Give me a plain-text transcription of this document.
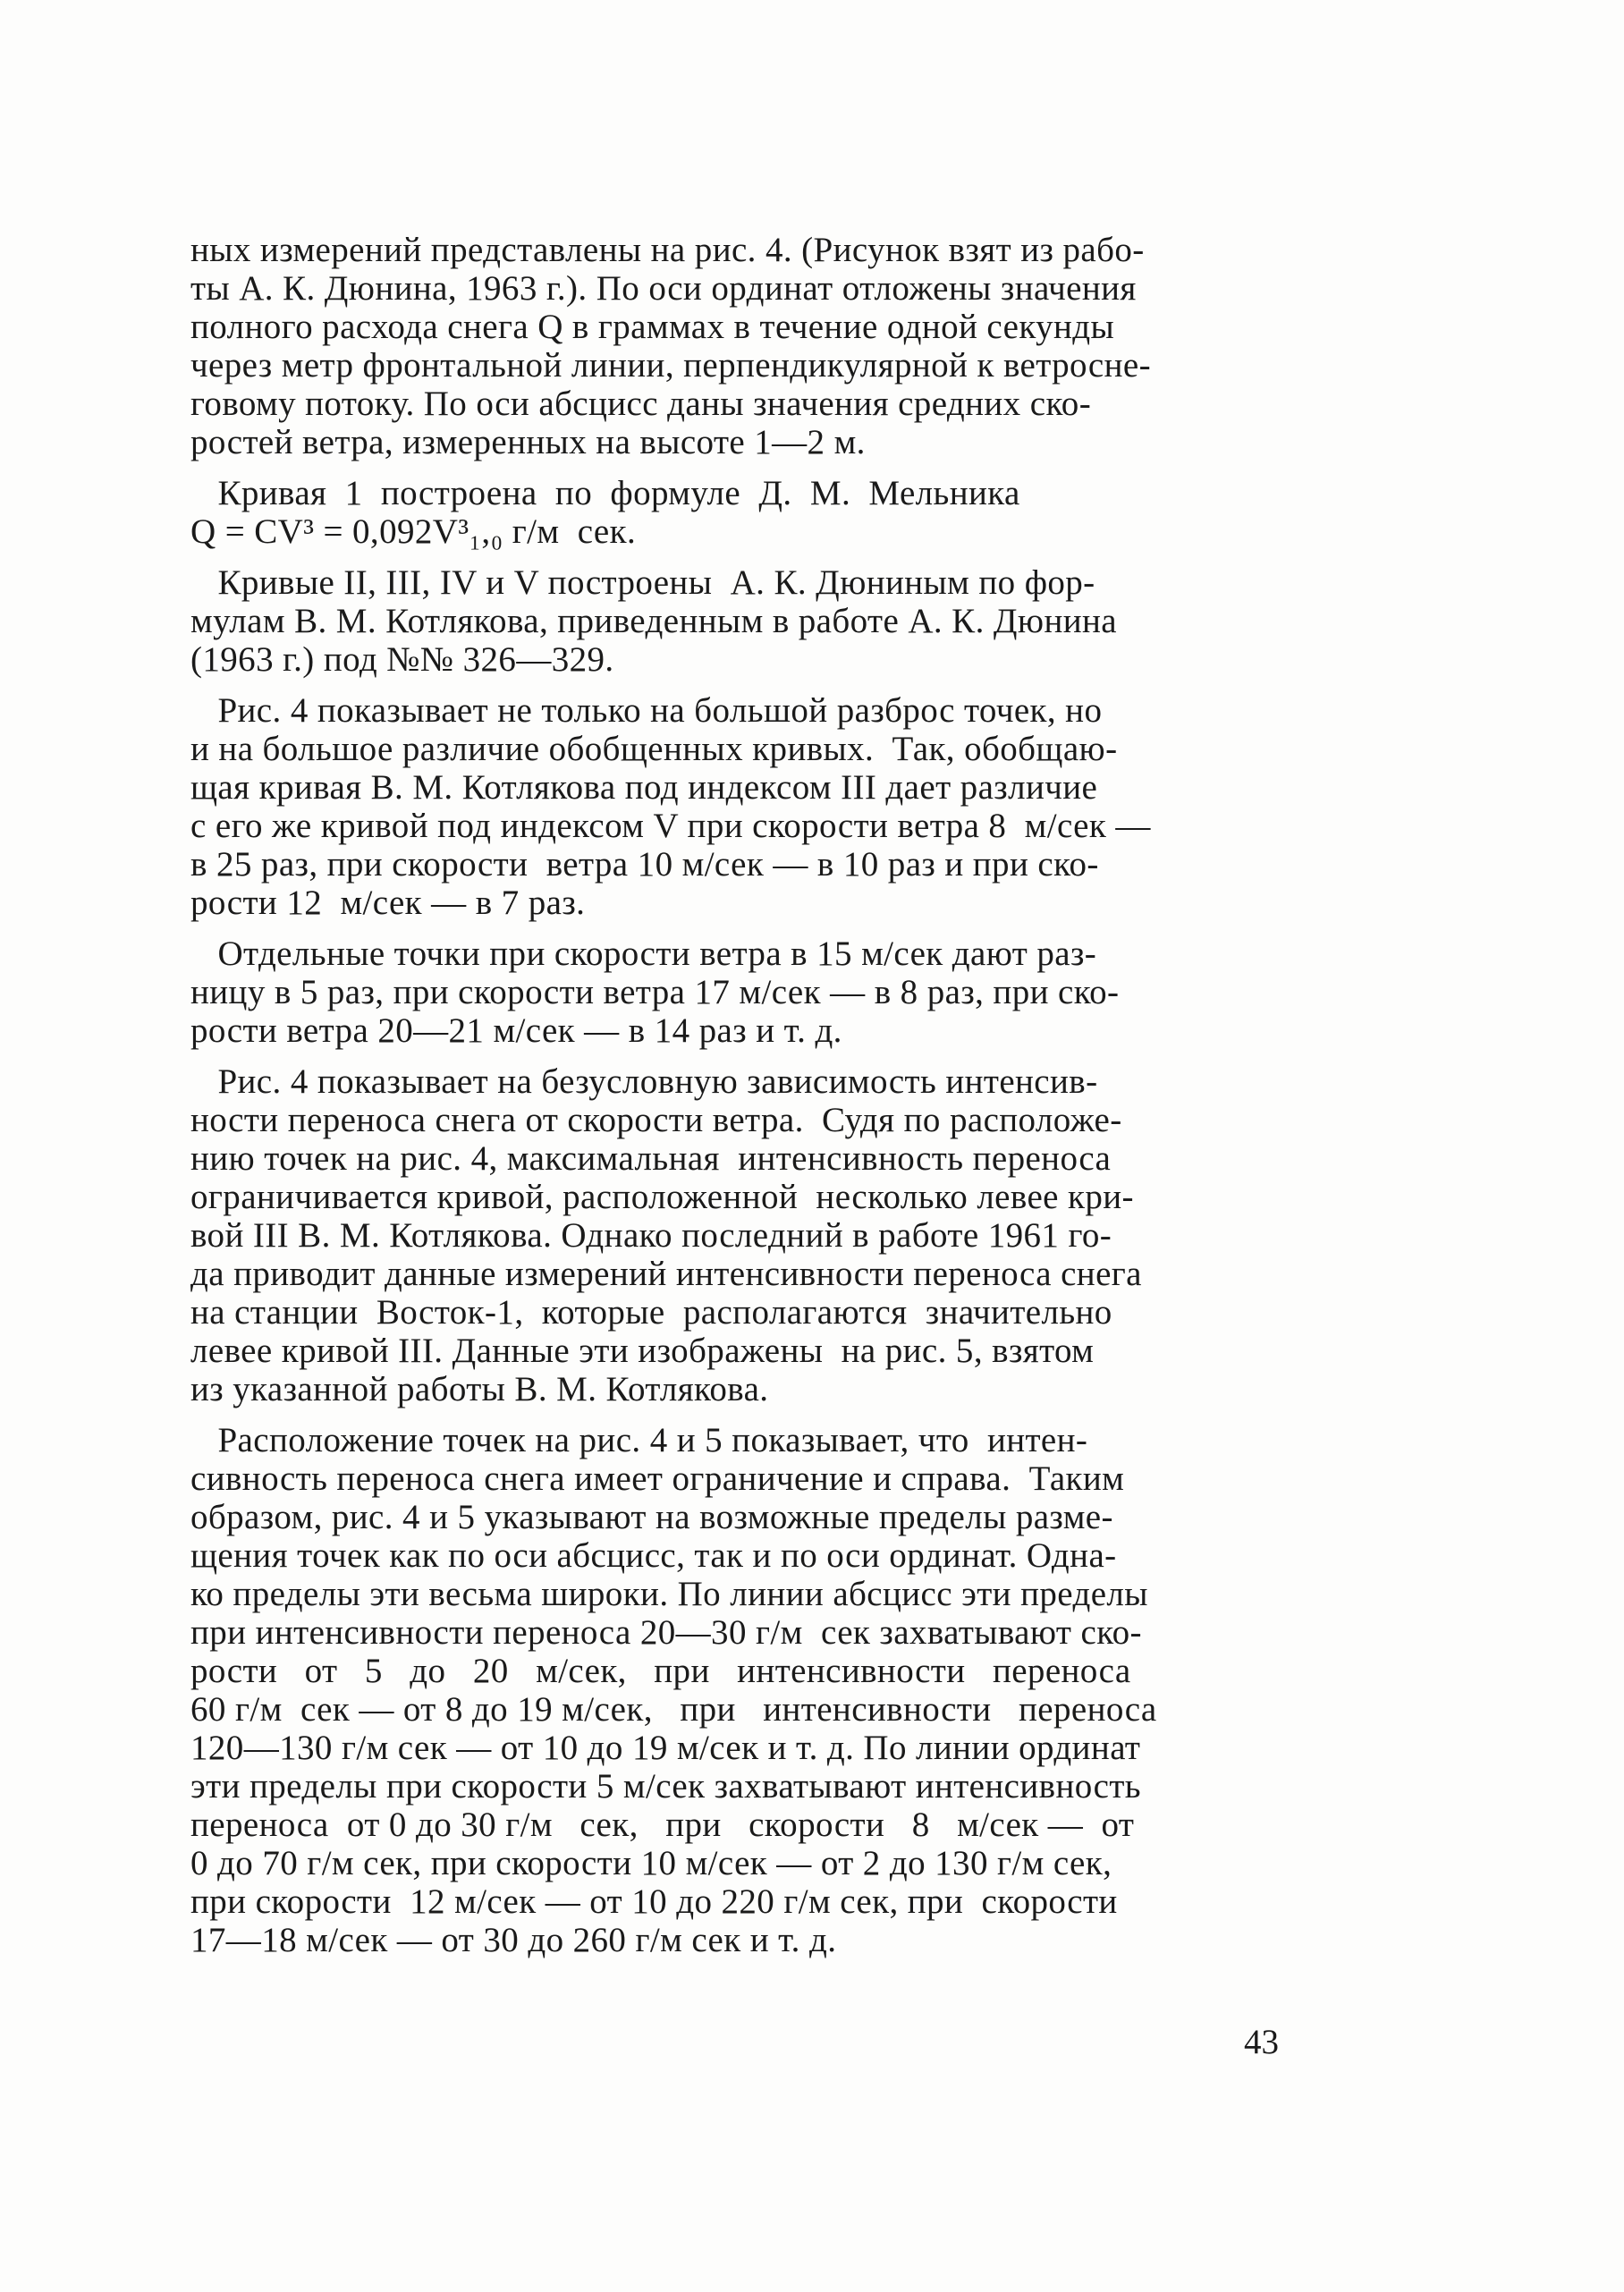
ных измерений представлены на рис. 4. (Рисунок взят из рабо-
ты А. К. Дюнина, 1963 г.). По оси ординат отложены значения
полного расхода снега Q в граммах в течение одной секунды
через метр фронтальной линии, перпендикулярной к ветросне-
говому потоку. По оси абсцисс даны значения средних ско-
ростей ветра, измеренных на высоте 1—2 м.
Кривая  1  построена  по  формуле  Д.  М.  Мельника
Q = CV³ = 0,092V³₁,₀ г/м  сек.
Кривые II, III, IV и V построены  А. К. Дюниным по фор-
мулам В. М. Котлякова, приведенным в работе А. К. Дюнина
(1963 г.) под №№ 326—329.
Рис. 4 показывает не только на большой разброс точек, но
и на большое различие обобщенных кривых.  Так, обобщаю-
щая кривая В. М. Котлякова под индексом III дает различие
с его же кривой под индексом V при скорости ветра 8  м/сек —
в 25 раз, при скорости  ветра 10 м/сек — в 10 раз и при ско-
рости 12  м/сек — в 7 раз.
Отдельные точки при скорости ветра в 15 м/сек дают раз-
ницу в 5 раз, при скорости ветра 17 м/сек — в 8 раз, при ско-
рости ветра 20—21 м/сек — в 14 раз и т. д.
Рис. 4 показывает на безусловную зависимость интенсив-
ности переноса снега от скорости ветра.  Судя по расположе-
нию точек на рис. 4, максимальная  интенсивность переноса
ограничивается кривой, расположенной  несколько левее кри-
вой III В. М. Котлякова. Однако последний в работе 1961 го-
да приводит данные измерений интенсивности переноса снега
на станции  Восток-1,  которые  располагаются  значительно
левее кривой III. Данные эти изображены  на рис. 5, взятом
из указанной работы В. М. Котлякова.
Расположение точек на рис. 4 и 5 показывает, что  интен-
сивность переноса снега имеет ограничение и справа.  Таким
образом, рис. 4 и 5 указывают на возможные пределы разме-
щения точек как по оси абсцисс, так и по оси ординат. Одна-
ко пределы эти весьма широки. По линии абсцисс эти пределы
при интенсивности переноса 20—30 г/м  сек захватывают ско-
рости   от   5   до   20   м/сек,   при   интенсивности   переноса
60 г/м  сек — от 8 до 19 м/сек,   при   интенсивности   переноса
120—130 г/м сек — от 10 до 19 м/сек и т. д. По линии ординат
эти пределы при скорости 5 м/сек захватывают интенсивность
переноса  от 0 до 30 г/м   сек,   при   скорости   8   м/сек —  от
0 до 70 г/м сек, при скорости 10 м/сек — от 2 до 130 г/м сек,
при скорости  12 м/сек — от 10 до 220 г/м сек, при  скорости
17—18 м/сек — от 30 до 260 г/м сек и т. д.
43
